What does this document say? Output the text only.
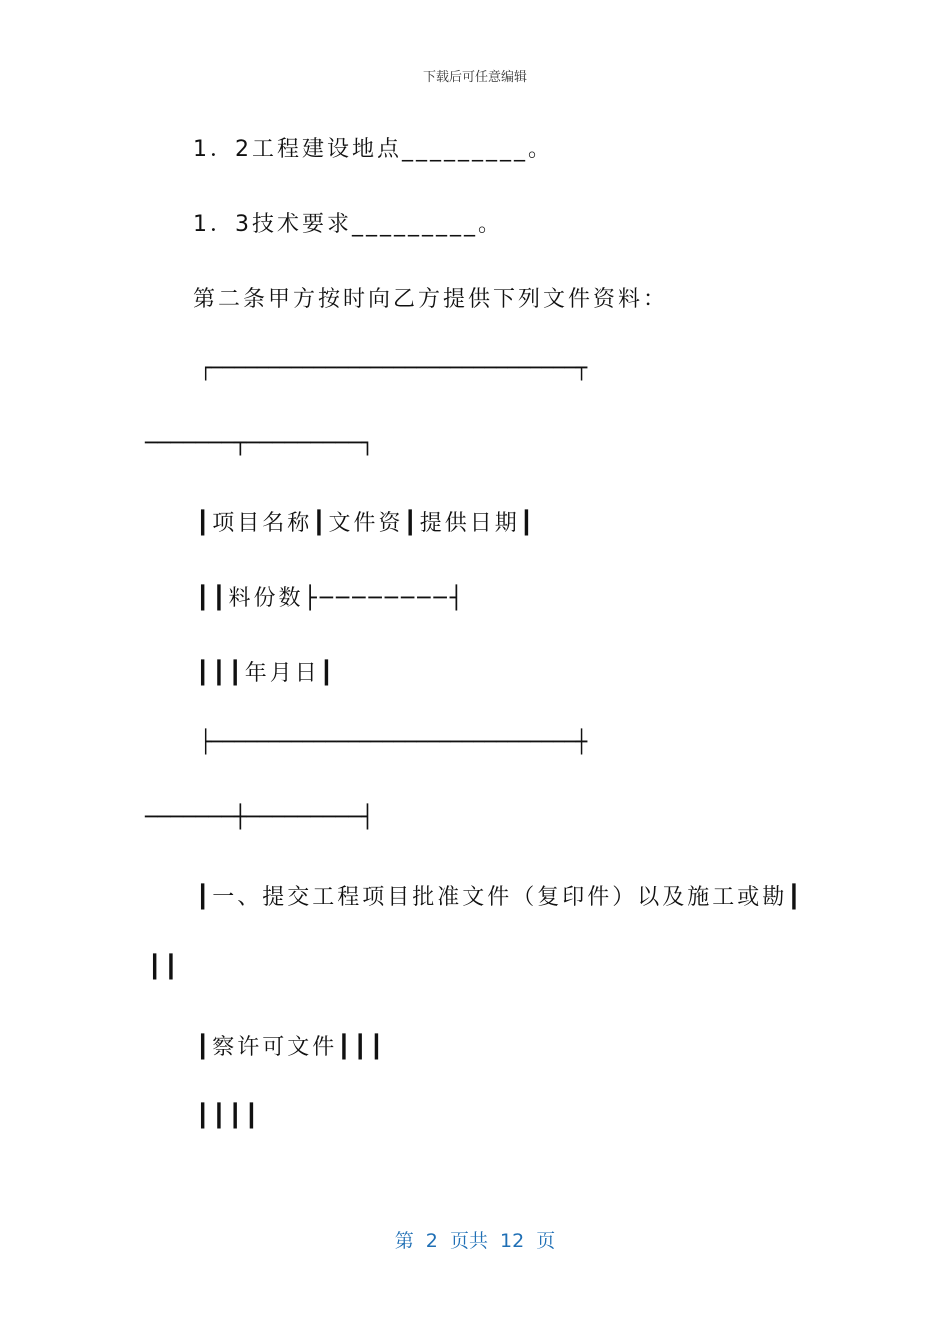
下载后可任意编辑
1．2工程建设地点_________。
1．3技术要求_________。
第二条甲方按时向乙方提供下列文件资料：
┌────────────────────────────────┬
───────┬─────────┐
┃项目名称┃文件资┃提供日期┃
┃┃料份数├────────┤
┃┃┃年月日┃
├────────────────────────────────┼
───────┼─────────┤
┃一、提交工程项目批准文件（复印件）以及施工或勘┃
┃┃
┃察许可文件┃┃┃
┃┃┃┃
第  2  页共  12  页
